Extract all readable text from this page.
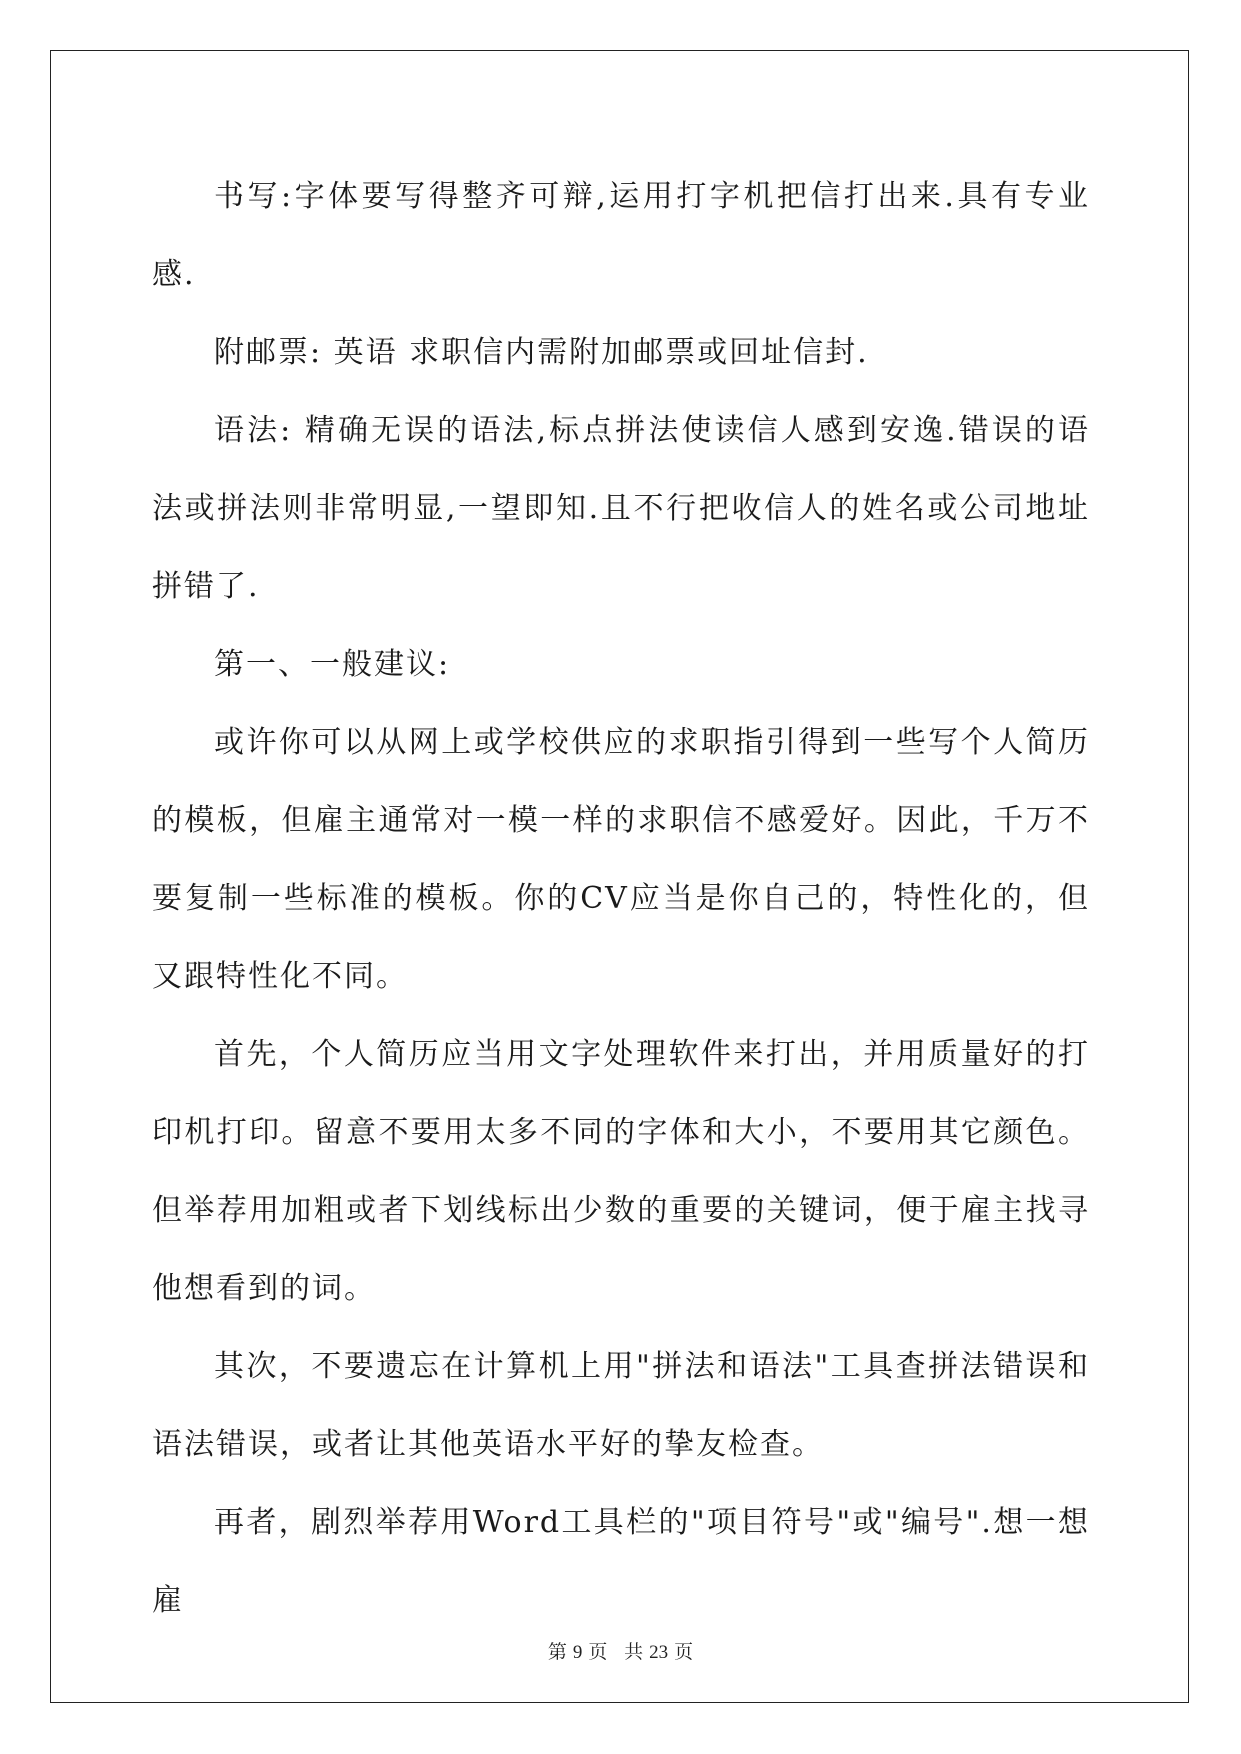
书写:字体要写得整齐可辩,运用打字机把信打出来.具有专业感.

附邮票: 英语 求职信内需附加邮票或回址信封.

语法: 精确无误的语法,标点拼法使读信人感到安逸.错误的语法或拼法则非常明显,一望即知.且不行把收信人的姓名或公司地址拼错了.

第一、一般建议:

或许你可以从网上或学校供应的求职指引得到一些写个人简历的模板，但雇主通常对一模一样的求职信不感爱好。因此，千万不要复制一些标准的模板。你的CV应当是你自己的，特性化的，但又跟特性化不同。

首先，个人简历应当用文字处理软件来打出，并用质量好的打印机打印。留意不要用太多不同的字体和大小，不要用其它颜色。但举荐用加粗或者下划线标出少数的重要的关键词，便于雇主找寻他想看到的词。

其次，不要遗忘在计算机上用"拼法和语法"工具查拼法错误和语法错误，或者让其他英语水平好的挚友检查。

再者，剧烈举荐用Word工具栏的"项目符号"或"编号".想一想雇

第 9 页 共 23 页
